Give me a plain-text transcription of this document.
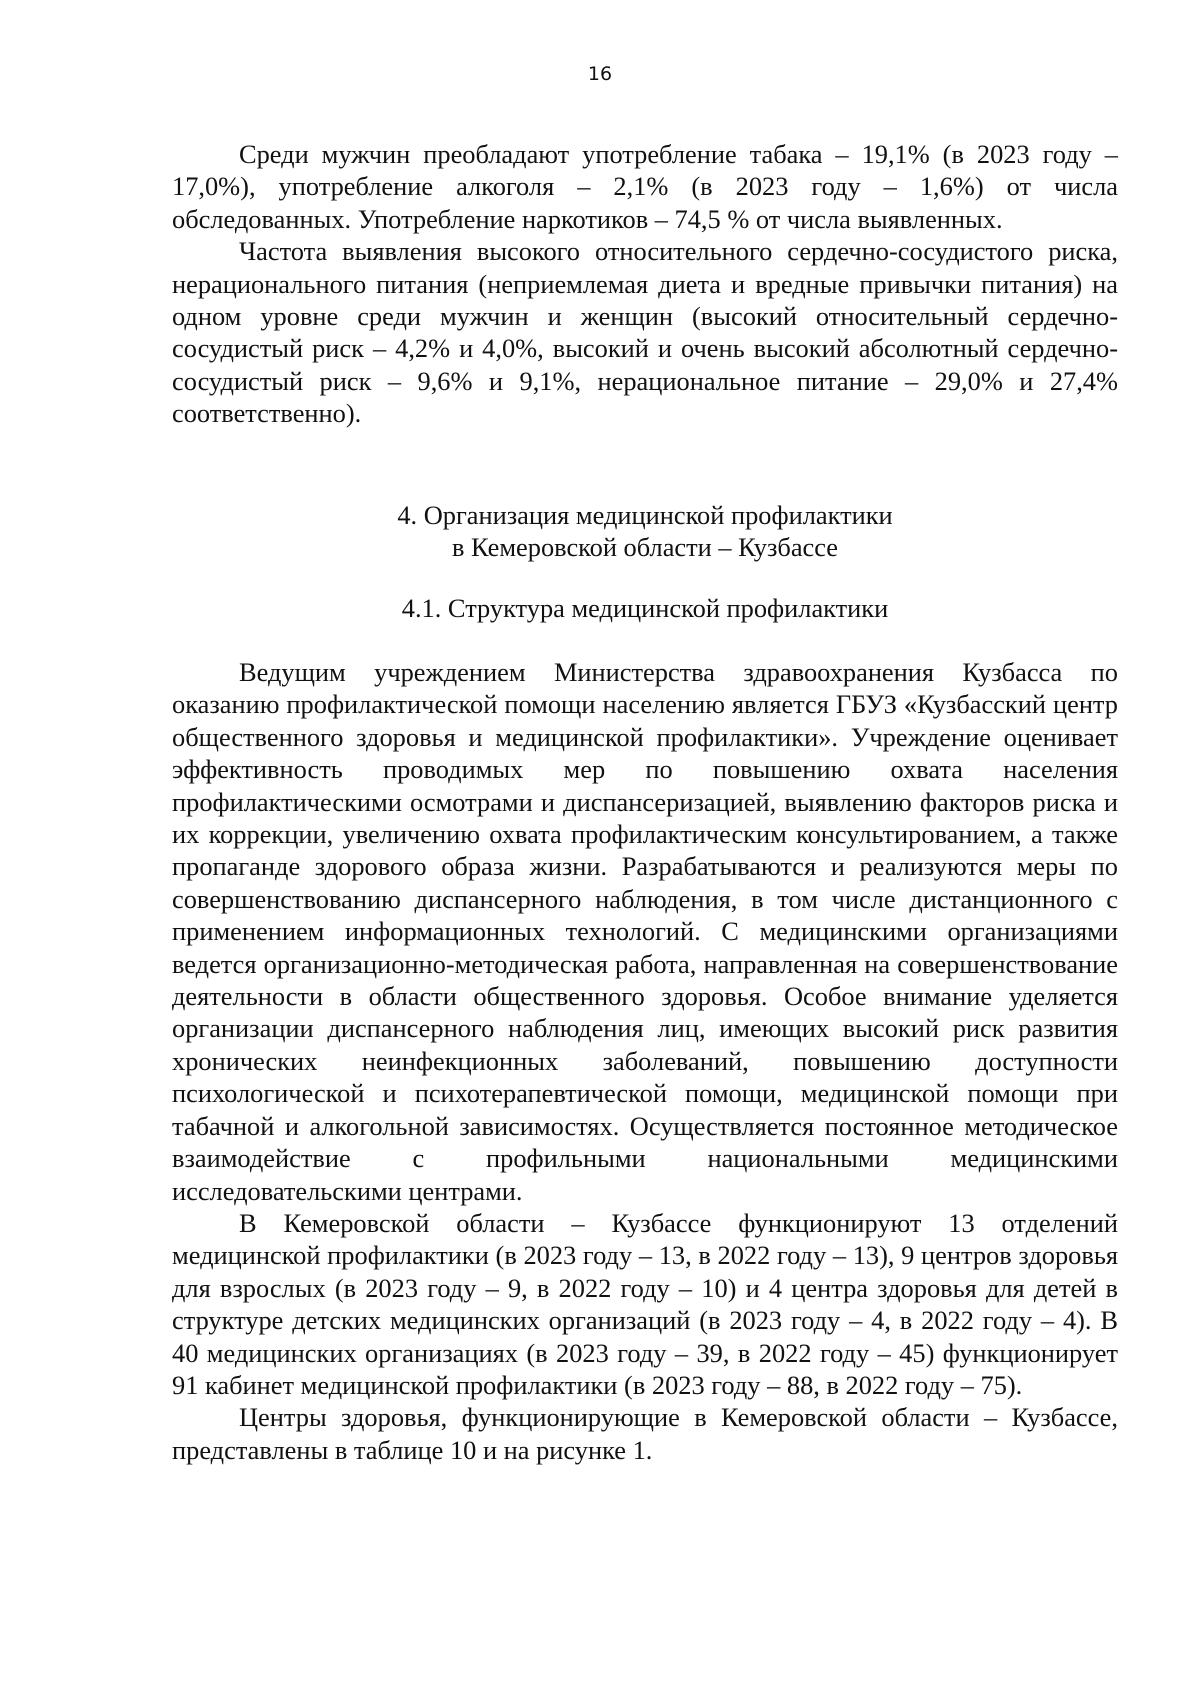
16

Среди мужчин преобладают употребление табака – 19,1% (в 2023 году – 17,0%), употребление алкоголя – 2,1% (в 2023 году – 1,6%) от числа обследованных. Употребление наркотиков – 74,5 % от числа выявленных.

Частота выявления высокого относительного сердечно-сосудистого риска, нерационального питания (неприемлемая диета и вредные привычки питания) на одном уровне среди мужчин и женщин (высокий относительный сердечно-сосудистый риск – 4,2% и 4,0%, высокий и очень высокий абсолютный сердечно-сосудистый риск – 9,6% и 9,1%, нерациональное питание – 29,0% и 27,4% соответственно).

4. Организация медицинской профилактики

в Кемеровской области – Кузбассе

4.1. Структура медицинской профилактики

Ведущим учреждением Министерства здравоохранения Кузбасса по оказанию профилактической помощи населению является ГБУЗ «Кузбасский центр общественного здоровья и медицинской профилактики». Учреждение оценивает эффективность проводимых мер по повышению охвата населения профилактическими осмотрами и диспансеризацией, выявлению факторов риска и их коррекции, увеличению охвата профилактическим консультированием, а также пропаганде здорового образа жизни. Разрабатываются и реализуются меры по совершенствованию диспансерного наблюдения, в том числе дистанционного с применением информационных технологий. С медицинскими организациями ведется организационно-методическая работа, направленная на совершенствование деятельности в области общественного здоровья. Особое внимание уделяется организации диспансерного наблюдения лиц, имеющих высокий риск развития хронических неинфекционных заболеваний, повышению доступности психологической и психотерапевтической помощи, медицинской помощи при табачной и алкогольной зависимостях. Осуществляется постоянное методическое взаимодействие с профильными национальными медицинскими исследовательскими центрами.

В Кемеровской области – Кузбассе функционируют 13 отделений медицинской профилактики (в 2023 году – 13, в 2022 году – 13), 9 центров здоровья для взрослых (в 2023 году – 9, в 2022 году – 10) и 4 центра здоровья для детей в структуре детских медицинских организаций (в 2023 году – 4, в 2022 году – 4). В 40 медицинских организациях (в 2023 году – 39, в 2022 году – 45) функционирует 91 кабинет медицинской профилактики (в 2023 году – 88, в 2022 году – 75).

Центры здоровья, функционирующие в Кемеровской области – Кузбассе, представлены в таблице 10 и на рисунке 1.
